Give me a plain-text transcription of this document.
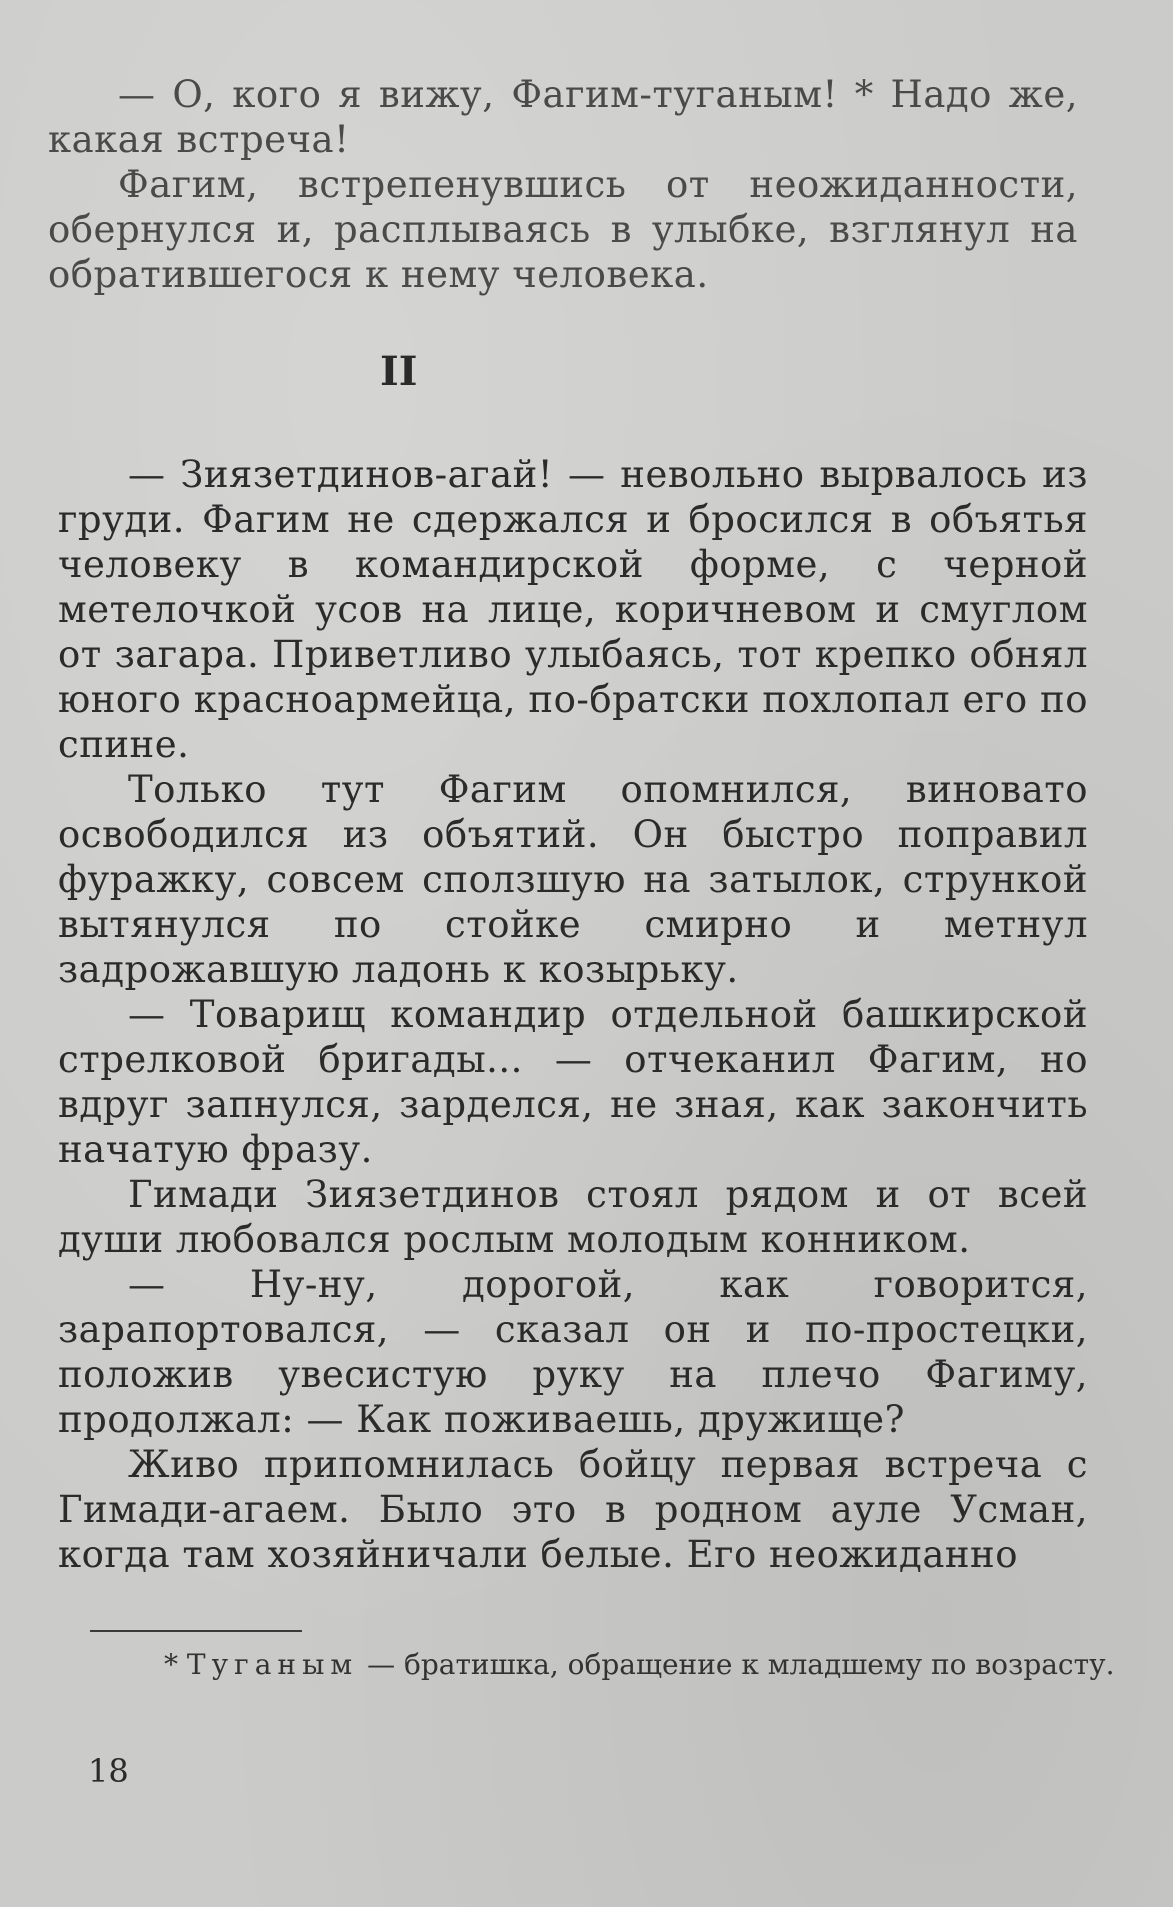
— О, кого я вижу, Фагим-туганым! * Надо же, какая встреча!

Фагим, встрепенувшись от неожиданности, обернулся и, расплываясь в улыбке, взглянул на обратившегося к нему человека.

II

— Зиязетдинов-агай! — невольно вырвалось из груди. Фагим не сдержался и бросился в объятья человеку в командирской форме, с черной метелочкой усов на лице, коричневом и смуглом от загара. Приветливо улыбаясь, тот крепко обнял юного красноармейца, по-братски похлопал его по спине.

Только тут Фагим опомнился, виновато освободился из объятий. Он быстро поправил фуражку, совсем сползшую на затылок, стрункой вытянулся по стойке смирно и метнул задрожавшую ладонь к козырьку.

— Товарищ командир отдельной башкирской стрелковой бригады... — отчеканил Фагим, но вдруг запнулся, зарделся, не зная, как закончить начатую фразу.

Гимади Зиязетдинов стоял рядом и от всей души любовался рослым молодым конником.

— Ну-ну, дорогой, как говорится, зарапортовался, — сказал он и по-простецки, положив увесистую руку на плечо Фагиму, продолжал: — Как поживаешь, дружище?

Живо припомнилась бойцу первая встреча с Гимади-агаем. Было это в родном ауле Усман, когда там хозяйничали белые. Его неожиданно

* Туганым — братишка, обращение к младшему по возрасту.
18
